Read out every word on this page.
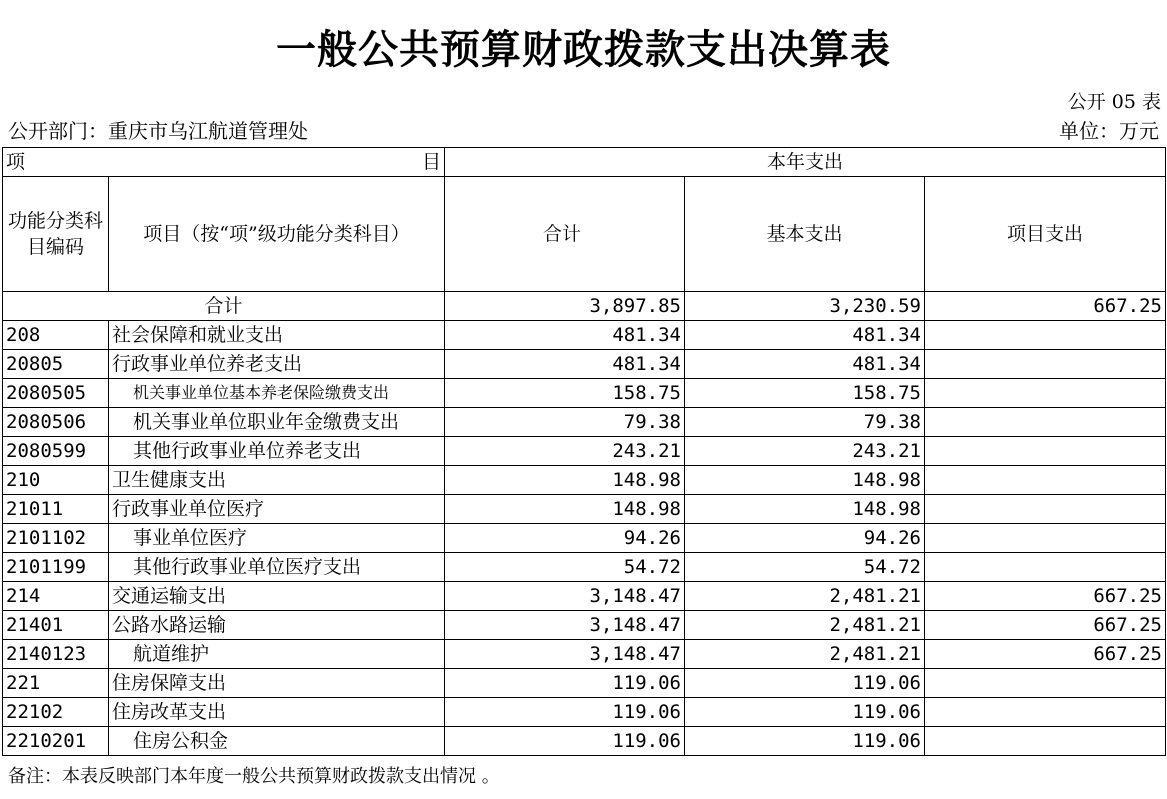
一般公共预算财政拨款支出决算表
公开 05 表
公开部门：重庆市乌江航道管理处	单位：万元
项 目		本年支出		
功能分类科目编码	项目（按“项”级功能分类科目）	合计	基本支出	项目支出
合计		3,897.85	3,230.59	667.25
208	社会保障和就业支出	481.34	481.34	
20805	行政事业单位养老支出	481.34	481.34	
2080505	机关事业单位基本养老保险缴费支出	158.75	158.75	
2080506	机关事业单位职业年金缴费支出	79.38	79.38	
2080599	其他行政事业单位养老支出	243.21	243.21	
210	卫生健康支出	148.98	148.98	
21011	行政事业单位医疗	148.98	148.98	
2101102	事业单位医疗	94.26	94.26	
2101199	其他行政事业单位医疗支出	54.72	54.72	
214	交通运输支出	3,148.47	2,481.21	667.25
21401	公路水路运输	3,148.47	2,481.21	667.25
2140123	航道维护	3,148.47	2,481.21	667.25
221	住房保障支出	119.06	119.06	
22102	住房改革支出	119.06	119.06	
2210201	住房公积金	119.06	119.06	
备注：本表反映部门本年度一般公共预算财政拨款支出情况 。
